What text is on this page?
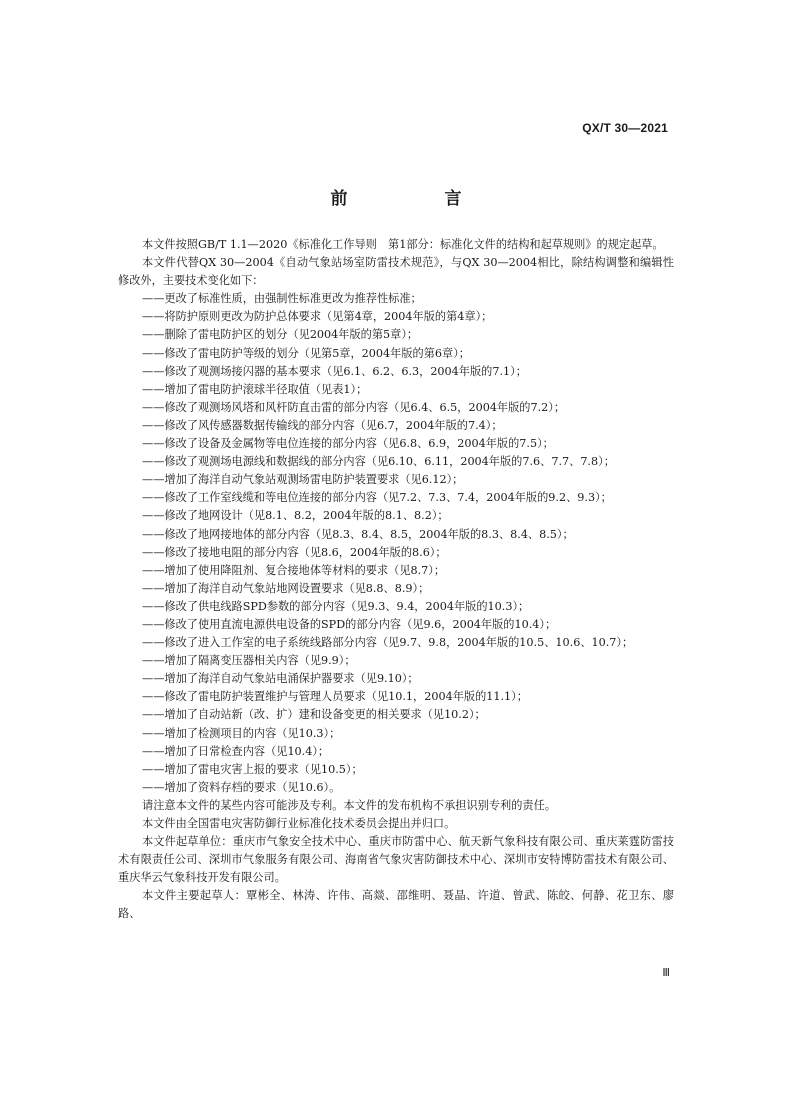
QX/T 30—2021
前　言

本文件按照GB/T 1.1—2020《标准化工作导则　第1部分：标准化文件的结构和起草规则》的规定起草。

本文件代替QX 30—2004《自动气象站场室防雷技术规范》，与QX 30—2004相比，除结构调整和编辑性修改外，主要技术变化如下：

——更改了标准性质，由强制性标准更改为推荐性标准；

——将防护原则更改为防护总体要求（见第4章，2004年版的第4章）；

——删除了雷电防护区的划分（见2004年版的第5章）；

——修改了雷电防护等级的划分（见第5章，2004年版的第6章）；

——修改了观测场接闪器的基本要求（见6.1、6.2、6.3，2004年版的7.1）；

——增加了雷电防护滚球半径取值（见表1）；

——修改了观测场风塔和风杆防直击雷的部分内容（见6.4、6.5，2004年版的7.2）；

——修改了风传感器数据传输线的部分内容（见6.7，2004年版的7.4）；

——修改了设备及金属物等电位连接的部分内容（见6.8、6.9，2004年版的7.5）；

——修改了观测场电源线和数据线的部分内容（见6.10、6.11，2004年版的7.6、7.7、7.8）；

——增加了海洋自动气象站观测场雷电防护装置要求（见6.12）；

——修改了工作室线缆和等电位连接的部分内容（见7.2、7.3、7.4，2004年版的9.2、9.3）；

——修改了地网设计（见8.1、8.2，2004年版的8.1、8.2）；

——修改了地网接地体的部分内容（见8.3、8.4、8.5，2004年版的8.3、8.4、8.5）；

——修改了接地电阻的部分内容（见8.6，2004年版的8.6）；

——增加了使用降阻剂、复合接地体等材料的要求（见8.7）；

——增加了海洋自动气象站地网设置要求（见8.8、8.9）；

——修改了供电线路SPD参数的部分内容（见9.3、9.4，2004年版的10.3）；

——修改了使用直流电源供电设备的SPD的部分内容（见9.6，2004年版的10.4）；

——修改了进入工作室的电子系统线路部分内容（见9.7、9.8，2004年版的10.5、10.6、10.7）；

——增加了隔离变压器相关内容（见9.9）；

——增加了海洋自动气象站电涌保护器要求（见9.10）；

——修改了雷电防护装置维护与管理人员要求（见10.1，2004年版的11.1）；

——增加了自动站新（改、扩）建和设备变更的相关要求（见10.2）；

——增加了检测项目的内容（见10.3）；

——增加了日常检查内容（见10.4）；

——增加了雷电灾害上报的要求（见10.5）；

——增加了资料存档的要求（见10.6）。

请注意本文件的某些内容可能涉及专利。本文件的发布机构不承担识别专利的责任。

本文件由全国雷电灾害防御行业标准化技术委员会提出并归口。

本文件起草单位：重庆市气象安全技术中心、重庆市防雷中心、航天新气象科技有限公司、重庆莱霆防雷技术有限责任公司、深圳市气象服务有限公司、海南省气象灾害防御技术中心、深圳市安特博防雷技术有限公司、重庆华云气象科技开发有限公司。

本文件主要起草人：覃彬全、林涛、许伟、高燚、邵维明、聂晶、许道、曾武、陈皎、何静、花卫东、廖路、

Ⅲ
